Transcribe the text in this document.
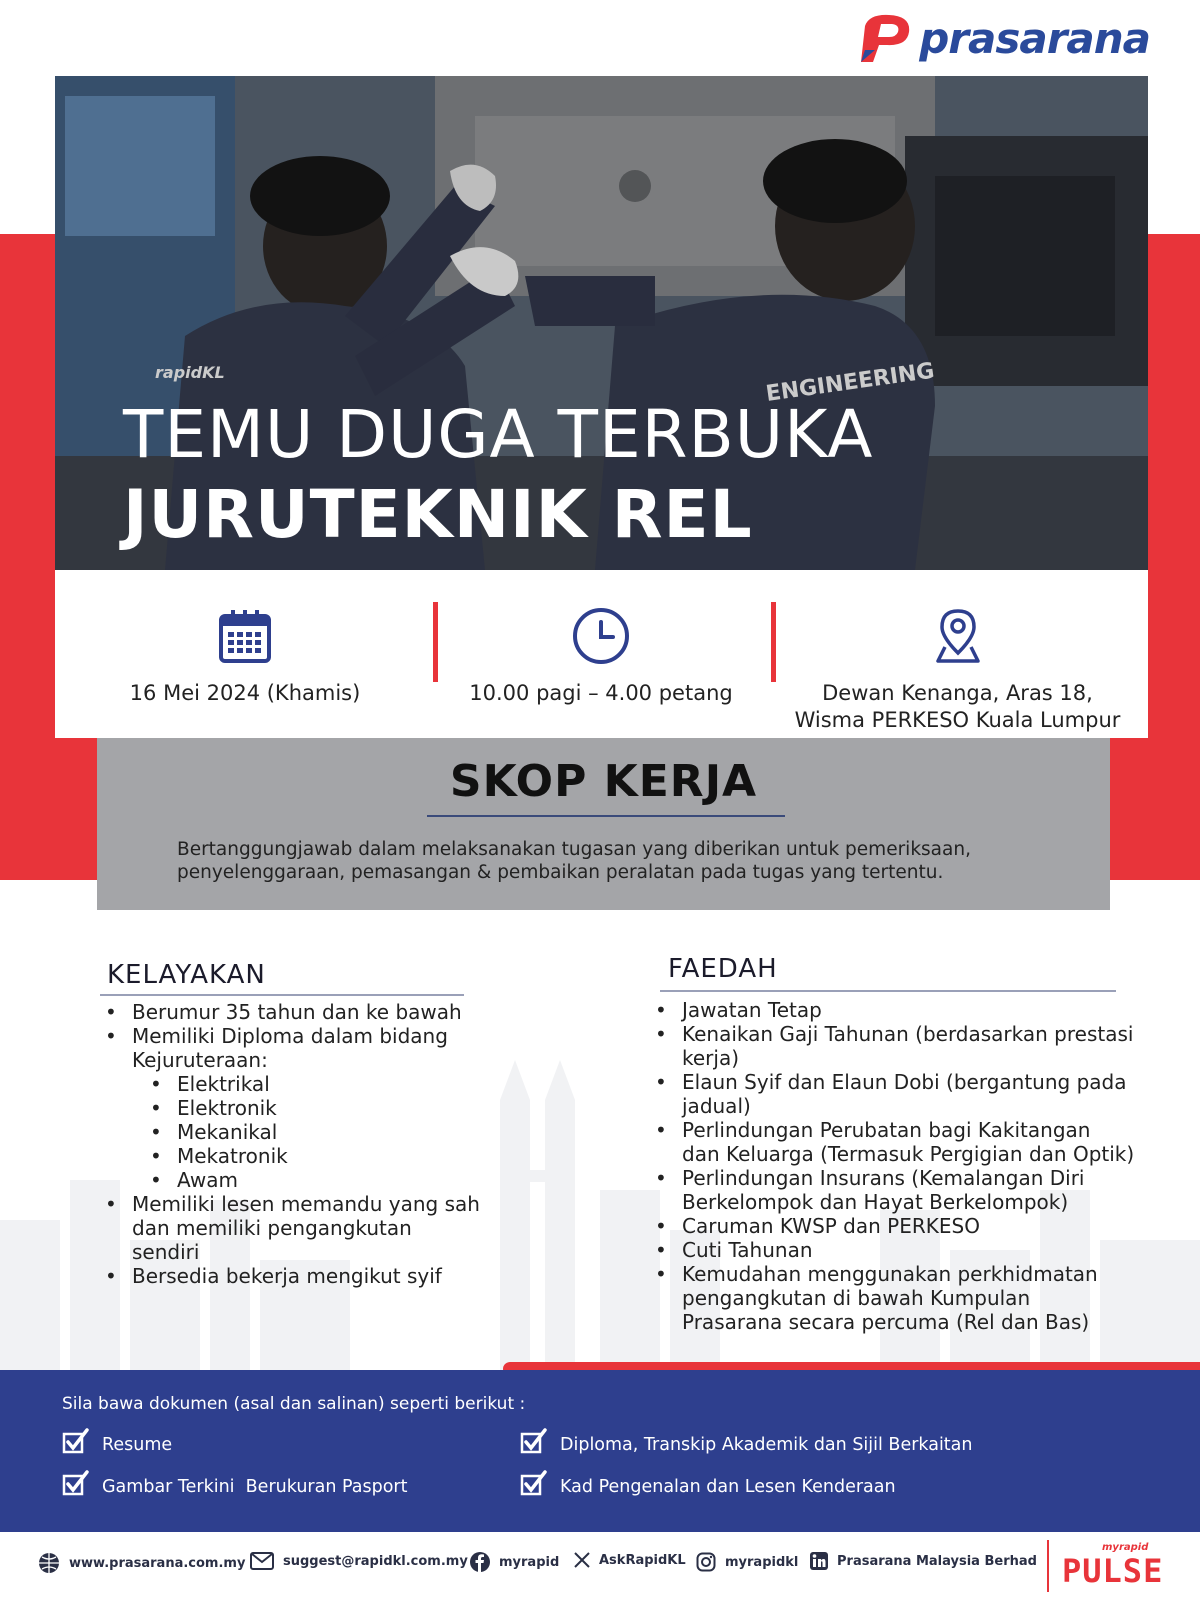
prasarana
rapidKL	ENGINEERING
TEMU DUGA TERBUKA
JURUTEKNIK REL
16 Mei 2024 (Khamis)	10.00 pagi – 4.00 petang	Dewan Kenanga, Aras 18,
Wisma PERKESO Kuala Lumpur
SKOP KERJA
Bertanggungjawab dalam melaksanakan tugasan yang diberikan untuk pemeriksaan, penyelenggaraan, pemasangan & pembaikan peralatan pada tugas yang tertentu.
KELAYAKAN
• Berumur 35 tahun dan ke bawah
• Memiliki Diploma dalam bidang
Kejuruteraan:
• Elektrikal
• Elektronik
• Mekanikal
• Mekatronik
• Awam
• Memiliki lesen memandu yang sah
dan memiliki pengangkutan
sendiri
• Bersedia bekerja mengikut syif
FAEDAH
• Jawatan Tetap
• Kenaikan Gaji Tahunan (berdasarkan prestasi
kerja)
• Elaun Syif dan Elaun Dobi (bergantung pada
jadual)
• Perlindungan Perubatan bagi Kakitangan
dan Keluarga (Termasuk Pergigian dan Optik)
• Perlindungan Insurans (Kemalangan Diri
Berkelompok dan Hayat Berkelompok)
• Caruman KWSP dan PERKESO
• Cuti Tahunan
• Kemudahan menggunakan perkhidmatan
pengangkutan di bawah Kumpulan
Prasarana secara percuma (Rel dan Bas)
Sila bawa dokumen (asal dan salinan) seperti berikut :
Resume	Diploma, Transkip Akademik dan Sijil Berkaitan
Gambar Terkini  Berukuran Pasport	Kad Pengenalan dan Lesen Kenderaan
www.prasarana.com.my	suggest@rapidkl.com.my myrapid	AskRapidKL	myrapidkl	Prasarana Malaysia Berhad
myrapid
PULSE
